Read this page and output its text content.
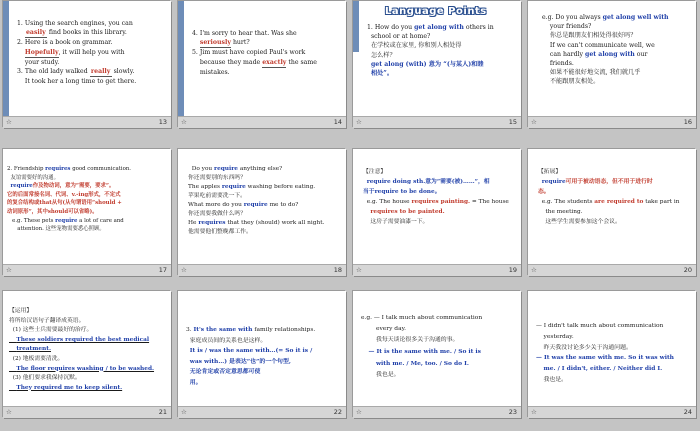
1. Using the search engines, you can
easily find books in this library.
2. Here is a book on grammar.
Hopefully, it will help you with
your study.
3. The old lady walked really slowly.
It took her a long time to get there.
☆	13
4. I'm sorry to hear that. Was she
seriously hurt?
5. Jim must have copied Paul's work
because they made exactly the same
mistakes.
☆	14
Language Points
1. How do you get along with others in
school or at home?
在学校或在家里, 你和别人相处得
怎么样？
get along (with) 意为 “(与某人)和睦
相处”。
☆	15
e.g. Do you always get along well with
your friends?
你总是跟朋友们相处得很好吗？
If we can't communicate well, we
can hardly get along with our
friends.
如果不能很好地交流, 我们就几乎
不能跟朋友相处。
☆	16
2. Friendship requires good communication.
友谊需要好的沟通。
require作及物动词，意为“需要，要求”。
它的后面常接名词、代词、v.-ing形式，不定式
的复合结构或that从句(从句谓语用“should +
动词原形”，其中should可以省略)。
e.g. These pets require a lot of care and
attention. 这些宠物需要悉心照顾。
☆	17
Do you require anything else?
你还需要别的东西吗？
The apples require washing before eating.
苹果吃前需要洗一下。
What more do you require me to do?
你还需要我做什么吗？
He requires that they (should) work all night.
他需要他们整晚都工作。
☆	18
【注意】
require doing sth.意为“需要(被)……”，相
当于require to be done。
e.g. The house requires painting. = The house
requires to be painted.
这房子需要油漆一下。
☆	19
【拓展】
require可用于被动语态，但不用于进行时
态。
e.g. The students are required to take part in
the meeting.
这些学生需要参加这个会议。
☆	20
【运用】
将所给汉语句子翻译成英语。
(1) 这些士兵需要最好的治疗。
These soldiers required the best medical
treatment.
(2) 地板需要清洗。
The floor requires washing / to be washed.
(3) 他们要求我保持沉默。
They required me to keep silent.
☆	21
3. It's the same with family relationships.
家庭成员间的关系也是这样。
It is / was the same with…(= So it is /
was with…) 是表达“也”的一个句型,
无论肯定或否定意思都可使
用。
☆	22
e.g. — I talk much about communication
every day.
我每天谈论很多关于沟通的事。
— It is the same with me. / So it is
with me. / Me, too. / So do I.
我也是。
☆	23
— I didn't talk much about communication
yesterday.
昨天我没讨论多少关于沟通问题。
— It was the same with me. So it was with
me. / I didn't, either. / Neither did I.
我也是。
☆	24
